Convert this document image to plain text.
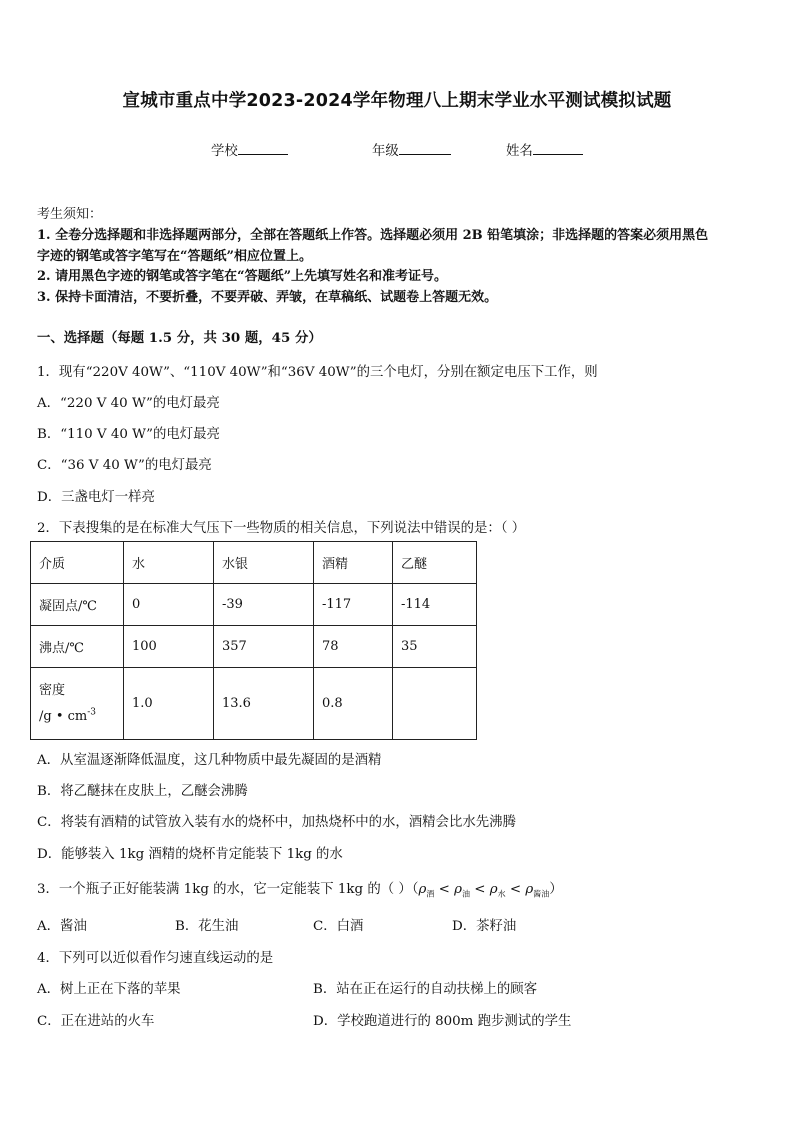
宣城市重点中学2023-2024学年物理八上期末学业水平测试模拟试题
学校	年级	姓名
考生须知：
1. 全卷分选择题和非选择题两部分，全部在答题纸上作答。选择题必须用 2B 铅笔填涂；非选择题的答案必须用黑色
字迹的钢笔或答字笔写在“答题纸”相应位置上。
2. 请用黑色字迹的钢笔或答字笔在“答题纸”上先填写姓名和准考证号。
3. 保持卡面清洁，不要折叠，不要弄破、弄皱，在草稿纸、试题卷上答题无效。
一、选择题（每题 1.5 分，共 30 题，45 分）
1．现有“220V 40W”、“110V 40W”和“36V 40W”的三个电灯，分别在额定电压下工作，则
A．“220 V 40 W”的电灯最亮
B．“110 V 40 W”的电灯最亮
C．“36 V 40 W”的电灯最亮
D．三盏电灯一样亮
2．下表搜集的是在标准大气压下一些物质的相关信息，下列说法中错误的是：（ ）
介质	水	水银	酒精	乙醚
凝固点/℃	0	-39	-117	-114
沸点/℃	100	357	78	35

密度
/g • $cm^{-3}$	1.0	13.6	0.8	
A．从室温逐渐降低温度，这几种物质中最先凝固的是酒精
B．将乙醚抹在皮肤上，乙醚会沸腾
C．将装有酒精的试管放入装有水的烧杯中，加热烧杯中的水，酒精会比水先沸腾
D．能够装入 1kg 酒精的烧杯肯定能装下 1kg 的水
3．一个瓶子正好能装满 1kg 的水，它一定能装下 1kg 的（ ）$(\rho_酒 < \rho_油 < \rho_水 < \rho_{酱油})$
A．酱油	B．花生油	C．白酒	D．茶籽油
4．下列可以近似看作匀速直线运动的是
A．树上正在下落的苹果	B．站在正在运行的自动扶梯上的顾客
C．正在进站的火车	D．学校跑道进行的 800m 跑步测试的学生
